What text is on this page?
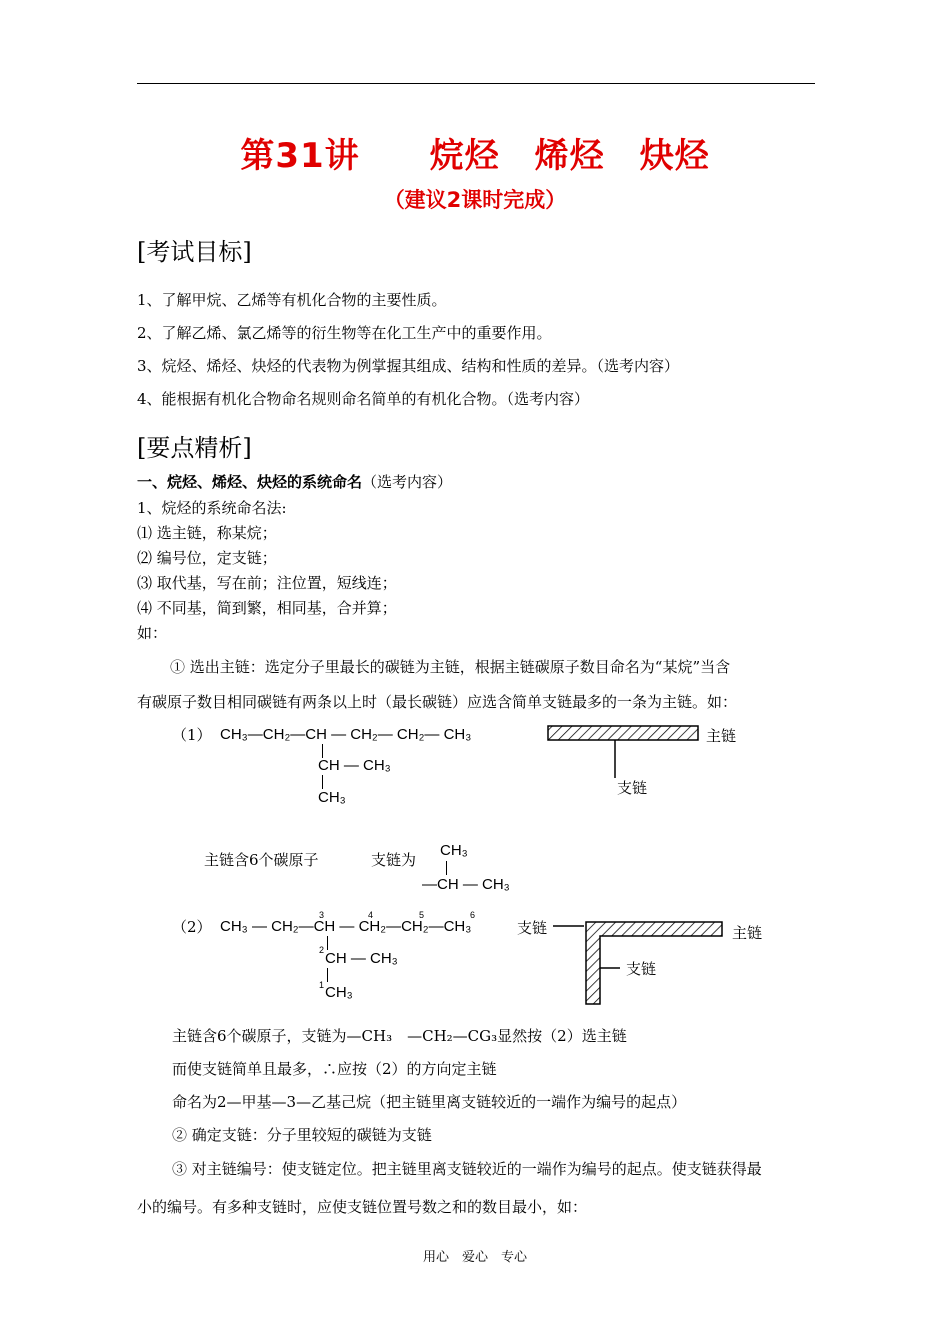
第31讲　　烷烃　烯烃　炔烃
（建议2课时完成）
[考试目标]
1、了解甲烷、乙烯等有机化合物的主要性质。
2、了解乙烯、氯乙烯等的衍生物等在化工生产中的重要作用。
3、烷烃、烯烃、炔烃的代表物为例掌握其组成、结构和性质的差异。（选考内容）
4、能根据有机化合物命名规则命名简单的有机化合物。（选考内容）
[要点精析]
一、烷烃、烯烃、炔烃的系统命名（选考内容）
1、烷烃的系统命名法:
⑴ 选主链，称某烷；
⑵ 编号位，定支链；
⑶ 取代基，写在前；注位置，短线连；
⑷ 不同基，简到繁，相同基，合并算；
如：
① 选出主链：选定分子里最长的碳链为主链，根据主链碳原子数目命名为“某烷”当含
有碳原子数目相同碳链有两条以上时（最长碳链）应选含简单支链最多的一条为主链。如：
（1） CH₃—CH₂—CH — CH₂— CH₂— CH₃
CH — CH₃
CH₃
主链
支链
主链含6个碳原子	支链为
CH₃
—CH — CH₃
（2） CH₃ — CH₂—CH — CH₂—CH₂—CH₃
3	4	5	6
2 CH — CH₃
1 CH₃
支链	主链
支链
主链含6个碳原子，支链为—CH₃　—CH₂—CG₃显然按（2）选主链
而使支链简单且最多，∴应按（2）的方向定主链
命名为2—甲基—3—乙基己烷（把主链里离支链较近的一端作为编号的起点）
② 确定支链：分子里较短的碳链为支链
③ 对主链编号：使支链定位。把主链里离支链较近的一端作为编号的起点。使支链获得最
小的编号。有多种支链时，应使支链位置号数之和的数目最小，如：
用心　爱心　专心
